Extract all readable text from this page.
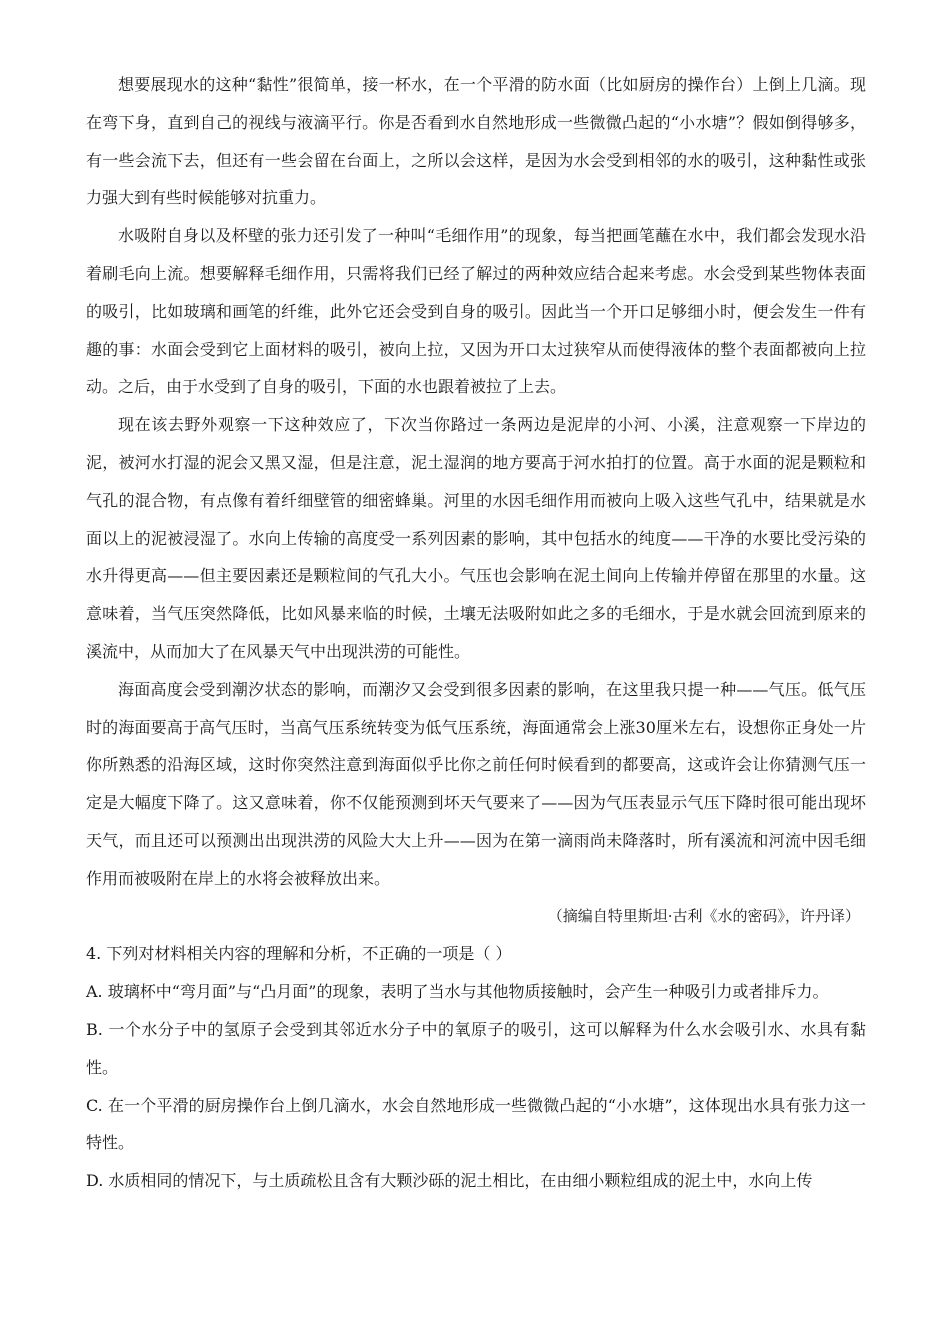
想要展现水的这种“黏性”很简单，接一杯水，在一个平滑的防水面（比如厨房的操作台）上倒上几滴。现在弯下身，直到自己的视线与液滴平行。你是否看到水自然地形成一些微微凸起的“小水塘”？假如倒得够多，有一些会流下去，但还有一些会留在台面上，之所以会这样，是因为水会受到相邻的水的吸引，这种黏性或张力强大到有些时候能够对抗重力。

水吸附自身以及杯壁的张力还引发了一种叫“毛细作用”的现象，每当把画笔蘸在水中，我们都会发现水沿着刷毛向上流。想要解释毛细作用，只需将我们已经了解过的两种效应结合起来考虑。水会受到某些物体表面的吸引，比如玻璃和画笔的纤维，此外它还会受到自身的吸引。因此当一个开口足够细小时，便会发生一件有趣的事：水面会受到它上面材料的吸引，被向上拉，又因为开口太过狭窄从而使得液体的整个表面都被向上拉动。之后，由于水受到了自身的吸引，下面的水也跟着被拉了上去。

现在该去野外观察一下这种效应了，下次当你路过一条两边是泥岸的小河、小溪，注意观察一下岸边的泥，被河水打湿的泥会又黑又湿，但是注意，泥土湿润的地方要高于河水拍打的位置。高于水面的泥是颗粒和气孔的混合物，有点像有着纤细壁管的细密蜂巢。河里的水因毛细作用而被向上吸入这些气孔中，结果就是水面以上的泥被浸湿了。水向上传输的高度受一系列因素的影响，其中包括水的纯度——干净的水要比受污染的水升得更高——但主要因素还是颗粒间的气孔大小。气压也会影响在泥土间向上传输并停留在那里的水量。这意味着，当气压突然降低，比如风暴来临的时候，土壤无法吸附如此之多的毛细水，于是水就会回流到原来的溪流中，从而加大了在风暴天气中出现洪涝的可能性。

海面高度会受到潮汐状态的影响，而潮汐又会受到很多因素的影响，在这里我只提一种——气压。低气压时的海面要高于高气压时，当高气压系统转变为低气压系统，海面通常会上涨30厘米左右，设想你正身处一片你所熟悉的沿海区域，这时你突然注意到海面似乎比你之前任何时候看到的都要高，这或许会让你猜测气压一定是大幅度下降了。这又意味着，你不仅能预测到坏天气要来了——因为气压表显示气压下降时很可能出现坏天气，而且还可以预测出出现洪涝的风险大大上升——因为在第一滴雨尚未降落时，所有溪流和河流中因毛细作用而被吸附在岸上的水将会被释放出来。

（摘编自特里斯坦·古利《水的密码》，许丹译）

4. 下列对材料相关内容的理解和分析，不正确的一项是（ ）

A. 玻璃杯中“弯月面”与“凸月面”的现象，表明了当水与其他物质接触时，会产生一种吸引力或者排斥力。

B. 一个水分子中的氢原子会受到其邻近水分子中的氧原子的吸引，这可以解释为什么水会吸引水、水具有黏性。

C. 在一个平滑的厨房操作台上倒几滴水，水会自然地形成一些微微凸起的“小水塘”，这体现出水具有张力这一特性。

D. 水质相同的情况下，与土质疏松且含有大颗沙砾的泥土相比，在由细小颗粒组成的泥土中，水向上传
